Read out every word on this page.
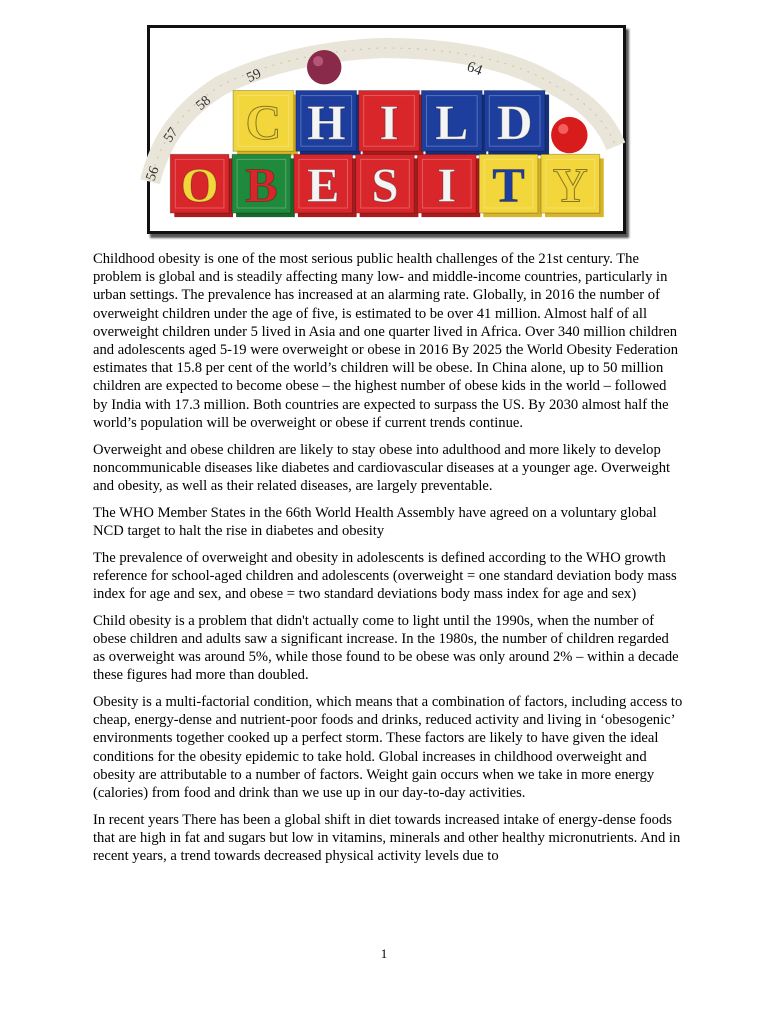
56
57
58
59	64
C H I L D
O B E S I T Y

Childhood obesity is one of the most serious public health challenges of the 21st century. The problem is global and is steadily affecting many low- and middle-income countries, particularly in urban settings. The prevalence has increased at an alarming rate. Globally, in 2016 the number of overweight children under the age of five, is estimated to be over 41 million. Almost half of all overweight children under 5 lived in Asia and one quarter lived in Africa. Over 340 million children and adolescents aged 5-19 were overweight or obese in 2016 By 2025 the World Obesity Federation estimates that 15.8 per cent of the world’s children will be obese. In China alone, up to 50 million children are expected to become obese – the highest number of obese kids in the world – followed by India with 17.3 million. Both countries are expected to surpass the US. By 2030 almost half the world’s population will be overweight or obese if current trends continue.

Overweight and obese children are likely to stay obese into adulthood and more likely to develop noncommunicable diseases like diabetes and cardiovascular diseases at a younger age. Overweight and obesity, as well as their related diseases, are largely preventable.

The WHO Member States in the 66th World Health Assembly have agreed on a voluntary global NCD target to halt the rise in diabetes and obesity

The prevalence of overweight and obesity in adolescents is defined according to the WHO growth reference for school-aged children and adolescents (overweight = one standard deviation body mass index for age and sex, and obese = two standard deviations body mass index for age and sex)

Child obesity is a problem that didn't actually come to light until the 1990s, when the number of obese children and adults saw a significant increase. In the 1980s, the number of children regarded as overweight was around 5%, while those found to be obese was only around 2% – within a decade these figures had more than doubled.

Obesity is a multi-factorial condition, which means that a combination of factors, including access to cheap, energy-dense and nutrient-poor foods and drinks, reduced activity and living in ‘obesogenic’ environments together cooked up a perfect storm. These factors are likely to have given the ideal conditions for the obesity epidemic to take hold. Global increases in childhood overweight and obesity are attributable to a number of factors. Weight gain occurs when we take in more energy (calories) from food and drink than we use up in our day-to-day activities.

In recent years There has been a global shift in diet towards increased intake of energy-dense foods that are high in fat and sugars but low in vitamins, minerals and other healthy micronutrients. And in recent years, a trend towards decreased physical activity levels due to

1
